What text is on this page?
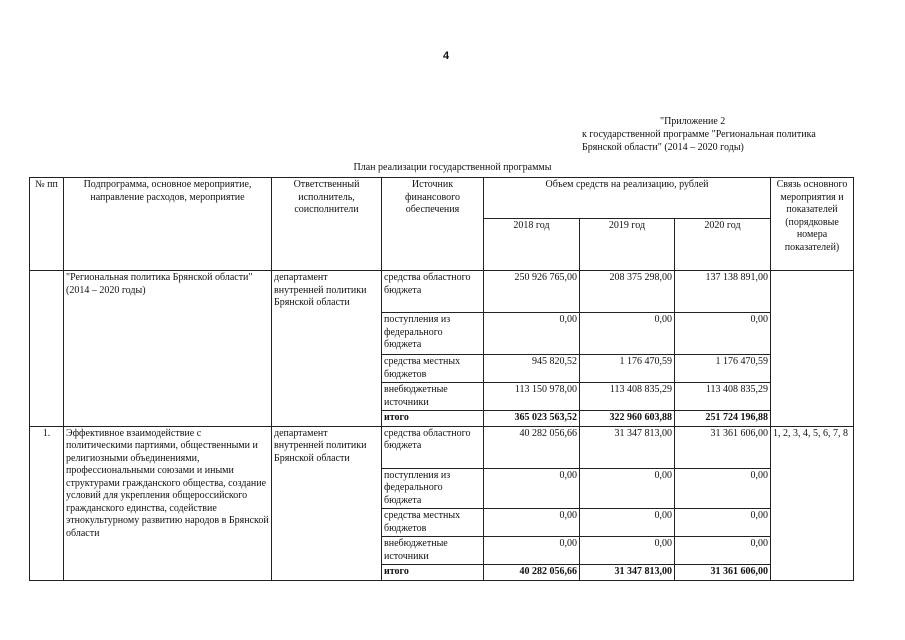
4
"Приложение 2
к государственной программе "Региональная политика
Брянской области" (2014 – 2020 годы)
План реализации государственной программы
№ пп	Подпрограмма, основное мероприятие, направление расходов, мероприятие	Ответственный исполнитель, соисполнители	Источник финансового обеспечения	Объем средств на реализацию, рублей			Связь основного мероприятия и показателей (порядковые номера показателей)
				2018 год	2019 год	2020 год	
	"Региональная политика Брянской области" (2014 – 2020 годы)	департамент внутренней политики Брянской области	средства областного бюджета	250 926 765,00	208 375 298,00	137 138 891,00	
			поступления из федерального бюджета	0,00	0,00	0,00	
			средства местных бюджетов	945 820,52	1 176 470,59	1 176 470,59	
			внебюджетные источники	113 150 978,00	113 408 835,29	113 408 835,29	
			итого	365 023 563,52	322 960 603,88	251 724 196,88	
1.	Эффективное взаимодействие с политическими партиями, общественными и религиозными объединениями, профессиональными союзами и иными структурами гражданского общества, создание условий для укрепления общероссийского гражданского единства, содействие этнокультурному развитию народов в Брянской области	департамент внутренней политики Брянской области	средства областного бюджета	40 282 056,66	31 347 813,00	31 361 606,00	1, 2, 3, 4, 5, 6, 7, 8
			поступления из федерального бюджета	0,00	0,00	0,00	
			средства местных бюджетов	0,00	0,00	0,00	
			внебюджетные источники	0,00	0,00	0,00	
			итого	40 282 056,66	31 347 813,00	31 361 606,00	
